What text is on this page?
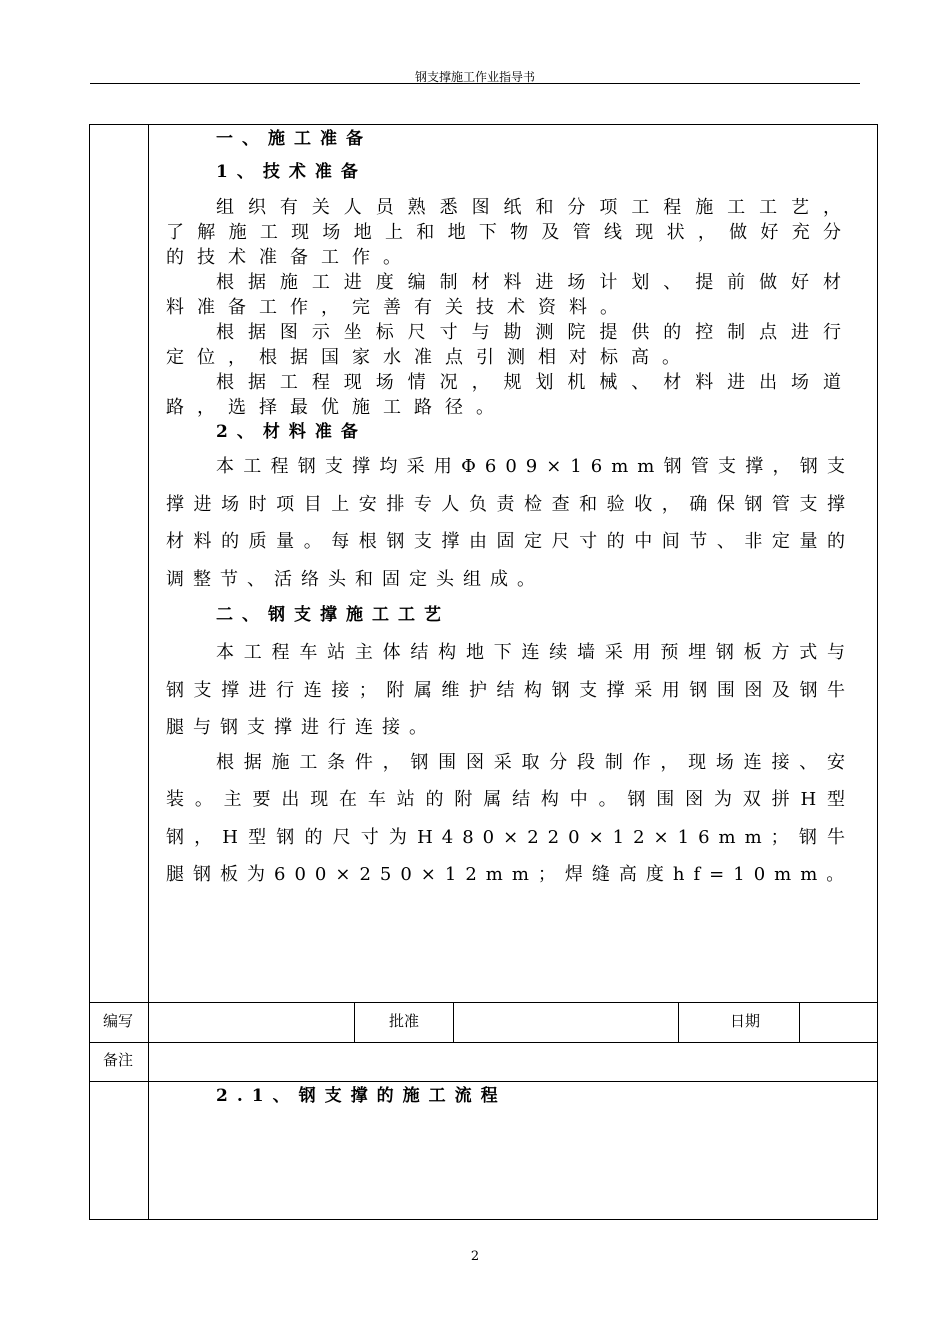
钢支撑施工作业指导书
一、施工准备
1、技术准备
组织有关人员熟悉图纸和分项工程施工工艺，了解施工现场地上和地下物及管线现状，做好充分的技术准备工作。
根据施工进度编制材料进场计划、提前做好材料准备工作，完善有关技术资料。
根据图示坐标尺寸与勘测院提供的控制点进行定位，根据国家水准点引测相对标高。
根据工程现场情况，规划机械、材料进出场道路，选择最优施工路径。
2、材料准备
本工程钢支撑均采用Φ609×16mm钢管支撑，钢支撑进场时项目上安排专人负责检查和验收，确保钢管支撑材料的质量。每根钢支撑由固定尺寸的中间节、非定量的调整节、活络头和固定头组成。
二、钢支撑施工工艺
本工程车站主体结构地下连续墙采用预埋钢板方式与钢支撑进行连接；附属维护结构钢支撑采用钢围囹及钢牛腿与钢支撑进行连接。
根据施工条件，钢围囹采取分段制作，现场连接、安装。主要出现在车站的附属结构中。钢围囹为双拼H型钢，H型钢的尺寸为H480×220×12×16mm；钢牛腿钢板为600×250×12mm；焊缝高度hf=10mm。
编写	批准	日期
备注
2.1、钢支撑的施工流程
2
